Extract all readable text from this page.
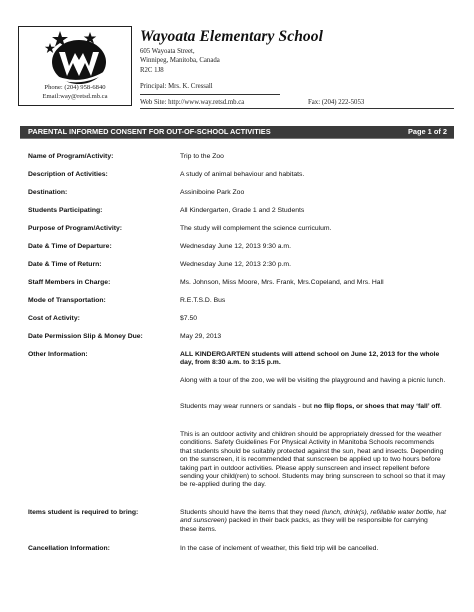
Phone: (204) 958-6840
Email:way@retsd.mb.ca
Wayoata Elementary School
605 Wayoata Street,
Winnipeg, Manitoba, Canada
R2C 1J8
Principal: Mrs. K. Cressall
Web Site: http://www.way.retsd.mb.ca	Fax: (204) 222-5053
PARENTAL INFORMED CONSENT FOR OUT-OF-SCHOOL ACTIVITIES	Page 1 of 2
Name of Program/Activity:	Trip to the Zoo
Description of Activities:	A study of animal behaviour and habitats.
Destination:	Assiniboine Park Zoo
Students Participating:	All Kindergarten, Grade 1 and 2 Students
Purpose of Program/Activity:	The study will complement the science curriculum.
Date & Time of Departure:	Wednesday June 12, 2013 9:30 a.m.
Date & Time of Return:	Wednesday June 12, 2013 2:30 p.m.
Staff Members in Charge:	Ms. Johnson, Miss Moore, Mrs. Frank, Mrs.Copeland, and Mrs. Hall
Mode of Transportation:	R.E.T.S.D. Bus
Cost of Activity:	$7.50
Date Permission Slip & Money Due:	May 29, 2013
Other Information:	ALL KINDERGARTEN students will attend school on June 12, 2013 for the whole day, from 8:30 a.m. to 3:15 p.m.
Along with a tour of the zoo, we will be visiting the playground and having a picnic lunch.
Students may wear runners or sandals - but no flip flops, or shoes that may ‘fall’ off.
This is an outdoor activity and children should be appropriately dressed for the weather conditions. Safety Guidelines For Physical Activity in Manitoba Schools recommends that students should be suitably protected against the sun, heat and insects. Depending on the sunscreen, it is recommended that sunscreen be applied up to two hours before taking part in outdoor activities. Please apply sunscreen and insect repellent before sending your child(ren) to school. Students may bring sunscreen to school so that it may be re-applied during the day.
Items student is required to bring:	Students should have the items that they need (lunch, drink(s), refillable water bottle, hat and sunscreen) packed in their back packs, as they will be responsible for carrying these items.
Cancellation Information:	In the case of inclement of weather, this field trip will be cancelled.
